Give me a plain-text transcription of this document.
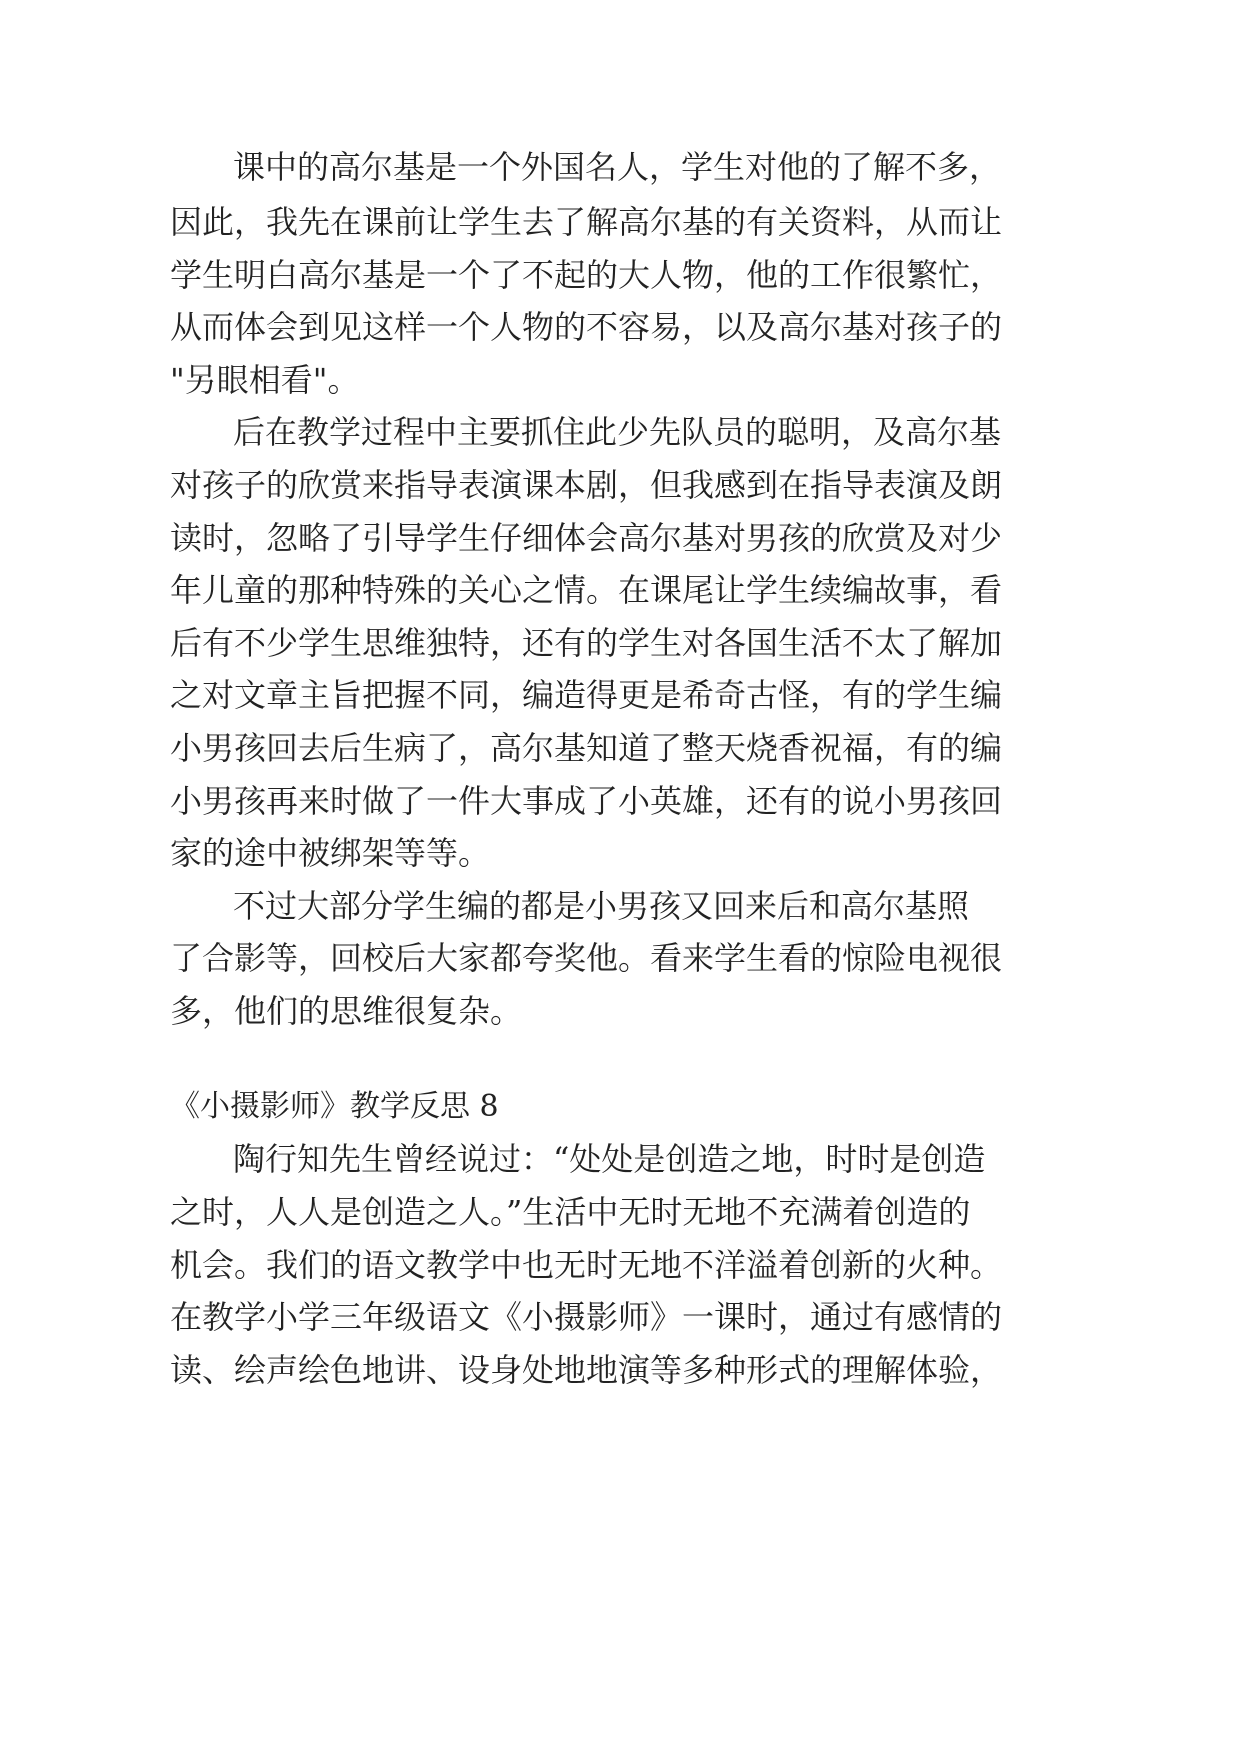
课中的高尔基是一个外国名人，学生对他的了解不多，
因此，我先在课前让学生去了解高尔基的有关资料，从而让
学生明白高尔基是一个了不起的大人物，他的工作很繁忙，
从而体会到见这样一个人物的不容易，以及高尔基对孩子的
"另眼相看"。
后在教学过程中主要抓住此少先队员的聪明，及高尔基
对孩子的欣赏来指导表演课本剧，但我感到在指导表演及朗
读时，忽略了引导学生仔细体会高尔基对男孩的欣赏及对少
年儿童的那种特殊的关心之情。在课尾让学生续编故事，看
后有不少学生思维独特，还有的学生对各国生活不太了解加
之对文章主旨把握不同，编造得更是希奇古怪，有的学生编
小男孩回去后生病了，高尔基知道了整天烧香祝福，有的编
小男孩再来时做了一件大事成了小英雄，还有的说小男孩回
家的途中被绑架等等。
不过大部分学生编的都是小男孩又回来后和高尔基照
了合影等，回校后大家都夸奖他。看来学生看的惊险电视很
多，他们的思维很复杂。
《小摄影师》教学反思 8
陶行知先生曾经说过：“处处是创造之地，时时是创造
之时，人人是创造之人。”生活中无时无地不充满着创造的
机会。我们的语文教学中也无时无地不洋溢着创新的火种。
在教学小学三年级语文《小摄影师》一课时，通过有感情的
读、绘声绘色地讲、设身处地地演等多种形式的理解体验，
